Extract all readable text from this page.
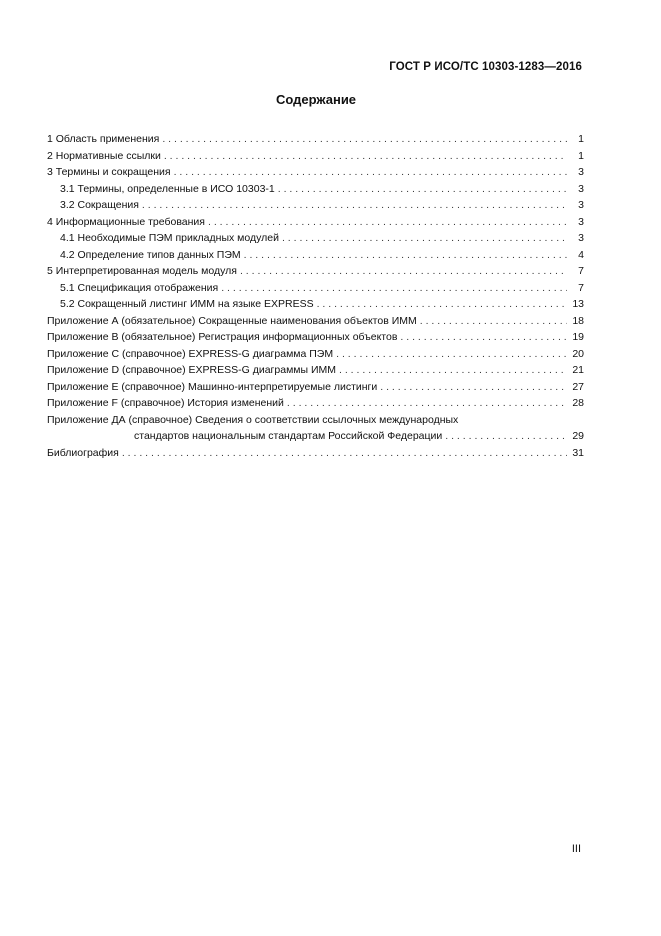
ГОСТ Р ИСО/ТС 10303-1283—2016
Содержание
1 Область применения . . .	1
2 Нормативные ссылки . . .	1
3 Термины и сокращения . . .	3
3.1 Термины, определенные в ИСО 10303-1 . . .	3
3.2 Сокращения . . .	3
4 Информационные требования . . .	3
4.1 Необходимые ПЭМ прикладных модулей . . .	3
4.2 Определение типов данных ПЭМ . . .	4
5 Интерпретированная модель модуля . . .	7
5.1 Спецификация отображения . . .	7
5.2 Сокращенный листинг ИММ на языке EXPRESS . . .	13
Приложение А (обязательное) Сокращенные наименования объектов ИММ . . .	18
Приложение В (обязательное) Регистрация информационных объектов . . .	19
Приложение С (справочное) EXPRESS-G диаграмма ПЭМ . . .	20
Приложение D (справочное) EXPRESS-G диаграммы ИММ . . .	21
Приложение Е (справочное) Машинно-интерпретируемые листинги . . .	27
Приложение F (справочное) История изменений . . .	28
Приложение ДА (справочное) Сведения о соответствии ссылочных международных
стандартов национальным стандартам Российской Федерации . . .	29
Библиография . . .	31
III
